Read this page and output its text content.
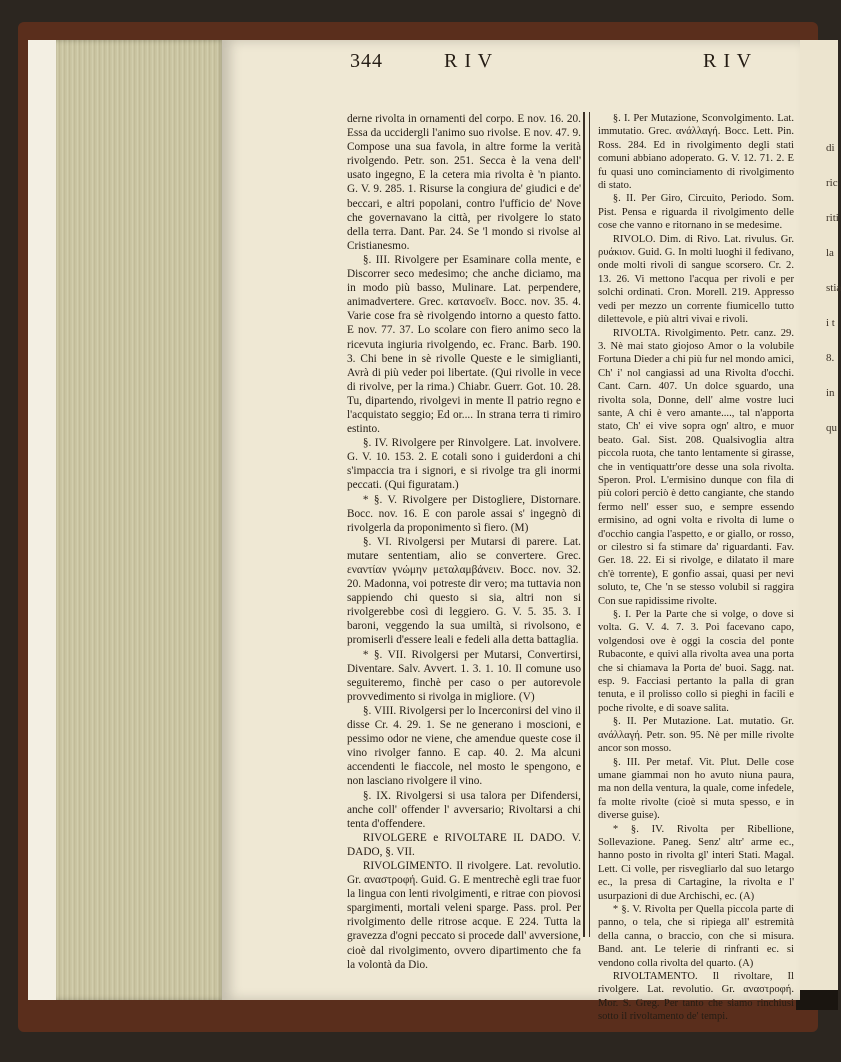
di
ric
riti
la
stia
i t
8.
in
qu
344	R I V	R I V

derne rivolta in ornamenti del corpo. E nov. 16. 20. Essa da uccidergli l'animo suo rivolse. E nov. 47. 9. Compose una sua favola, in altre forme la verità rivolgendo. Petr. son. 251. Secca è la vena dell' usato ingegno, E la cetera mia rivolta è 'n pianto. G. V. 9. 285. 1. Risurse la congiura de' giudici e de' beccari, e altri popolani, contro l'ufficio de' Nove che governavano la città, per rivolgere lo stato della terra. Dant. Par. 24. Se 'l mondo si rivolse al Cristianesmo.

§. III. Rivolgere per Esaminare colla mente, e Discorrer seco medesimo; che anche diciamo, ma in modo più basso, Mulinare. Lat. perpendere, animadvertere. Grec. καταvοεῖν. Bocc. nov. 35. 4. Varie cose fra sè rivolgendo intorno a questo fatto. E nov. 77. 37. Lo scolare con fiero animo seco la ricevuta ingiuria rivolgendo, ec. Franc. Barb. 190. 3. Chi bene in sè rivolle Queste e le simiglianti, Avrà di più veder poi libertate. (Qui rivolle in vece di rivolve, per la rima.) Chiabr. Guerr. Got. 10. 28. Tu, dipartendo, rivolgevi in mente Il patrio regno e l'acquistato seggio; Ed or.... In strana terra ti rimiro estinto.

§. IV. Rivolgere per Rinvolgere. Lat. involvere. G. V. 10. 153. 2. E cotali sono i guiderdoni a chi s'impaccia tra i signori, e si rivolge tra gli inormi peccati. (Qui figuratam.)

* §. V. Rivolgere per Distogliere, Distornare. Bocc. nov. 16. E con parole assai s' ingegnò di rivolgerla da proponimento sì fiero. (M)

§. VI. Rivolgersi per Mutarsi di parere. Lat. mutare sententiam, alio se convertere. Grec. εναντίαν γνώμην μεταλαμβάνειν. Bocc. nov. 32. 20. Madonna, voi potreste dir vero; ma tuttavia non sappiendo chi questo si sia, altri non si rivolgerebbe così di leggiero. G. V. 5. 35. 3. I baroni, veggendo la sua umiltà, si rivolsono, e promiserli d'essere leali e fedeli alla detta battaglia.

* §. VII. Rivolgersi per Mutarsi, Convertirsi, Diventare. Salv. Avvert. 1. 3. 1. 10. Il comune uso seguiteremo, finchè per caso o per autorevole provvedimento si rivolga in migliore. (V)

§. VIII. Rivolgersi per lo Incerconirsi del vino il disse Cr. 4. 29. 1. Se ne generano i moscioni, e pessimo odor ne viene, che amendue queste cose il vino rivolger fanno. E cap. 40. 2. Ma alcuni accendenti le fiaccole, nel mosto le spengono, e non lasciano rivolgere il vino.

§. IX. Rivolgersi si usa talora per Difendersi, anche coll' offender l' avversario; Rivoltarsi a chi tenta d'offendere.

RIVOLGERE e RIVOLTARE IL DADO. V. DADO, §. VII.

RIVOLGIMENTO. Il rivolgere. Lat. revolutio. Gr. αναστροφή. Guid. G. E mentrechè egli trae fuor la lingua con lenti rivolgimenti, e ritrae con piovosi spargimenti, mortali veleni sparge. Pass. prol. Per rivolgimento delle ritrose acque. E 224. Tutta la gravezza d'ogni peccato si procede dall' avversione, cioè dal rivolgimento, ovvero dipartimento che fa la volontà da Dio.

§. I. Per Mutazione, Sconvolgimento. Lat. immutatio. Grec. ανάλλαγή. Bocc. Lett. Pin. Ross. 284. Ed in rivolgimento degli stati comuni abbiano adoperato. G. V. 12. 71. 2. E fu quasi uno cominciamento di rivolgimento di stato.

§. II. Per Giro, Circuito, Periodo. Som. Pist. Pensa e riguarda il rivolgimento delle cose che vanno e ritornano in se medesime.

RIVOLO. Dim. di Rivo. Lat. rivulus. Gr. ρυάκιον. Guid. G. In molti luoghi il fedivano, onde molti rivoli di sangue scorsero. Cr. 2. 13. 26. Vi mettono l'acqua per rivoli e per solchi ordinati. Cron. Morell. 219. Appresso vedi per mezzo un corrente fiumicello tutto dilettevole, e più altri vivai e rivoli.

RIVOLTA. Rivolgimento. Petr. canz. 29. 3. Nè mai stato giojoso Amor o la volubile Fortuna Dieder a chi più fur nel mondo amici, Ch' i' nol cangiassi ad una Rivolta d'occhi. Cant. Carn. 407. Un dolce sguardo, una rivolta sola, Donne, dell' alme vostre luci sante, A chi è vero amante...., tal n'apporta stato, Ch' ei vive sopra ogn' altro, e muor beato. Gal. Sist. 208. Qualsivoglia altra piccola ruota, che tanto lentamente si girasse, che in ventiquattr'ore desse una sola rivolta. Speron. Prol. L'ermisino dunque con fila di più colori perciò è detto cangiante, che stando fermo nell' esser suo, e sempre essendo ermisino, ad ogni volta e rivolta di lume o d'occhio cangia l'aspetto, e or giallo, or rosso, or cilestro si fa stimare da' riguardanti. Fav. Ger. 18. 22. Ei si rivolge, e dilatato il mare ch'è torrente), E gonfio assai, quasi per nevi soluto, te, Che 'n se stesso volubil si raggira Con sue rapidissime rivolte.

§. I. Per la Parte che si volge, o dove si volta. G. V. 4. 7. 3. Poi facevano capo, volgendosi ove è oggi la coscia del ponte Rubaconte, e quivi alla rivolta avea una porta che si chiamava la Porta de' buoi. Sagg. nat. esp. 9. Facciasi pertanto la palla di gran tenuta, e il prolisso collo si pieghi in facili e poche rivolte, e di soave salita.

§. II. Per Mutazione. Lat. mutatio. Gr. ανάλλαγή. Petr. son. 95. Nè per mille rivolte ancor son mosso.

§. III. Per metaf. Vit. Plut. Delle cose umane giammai non ho avuto niuna paura, ma non della ventura, la quale, come infedele, fa molte rivolte (cioè si muta spesso, e in diverse guise).

* §. IV. Rivolta per Ribellione, Sollevazione. Paneg. Senz' altr' arme ec., hanno posto in rivolta gl' interi Stati. Magal. Lett. Ci volle, per risvegliarlo dal suo letargo ec., la presa di Cartagine, la rivolta e l' usurpazioni di due Archischi, ec. (A)

* §. V. Rivolta per Quella piccola parte di panno, o tela, che si ripiega all' estremità della canna, o braccio, con che si misura. Band. ant. Le telerie di rinfranti ec. si vendono colla rivolta del quarto. (A)

RIVOLTAMENTO. Il rivoltare, Il rivolgere. Lat. revolutio. Gr. αναστροφή. Mor. S. Greg. Per tanto che siamo rinchiusi sotto il rivoltamento de' tempi.
